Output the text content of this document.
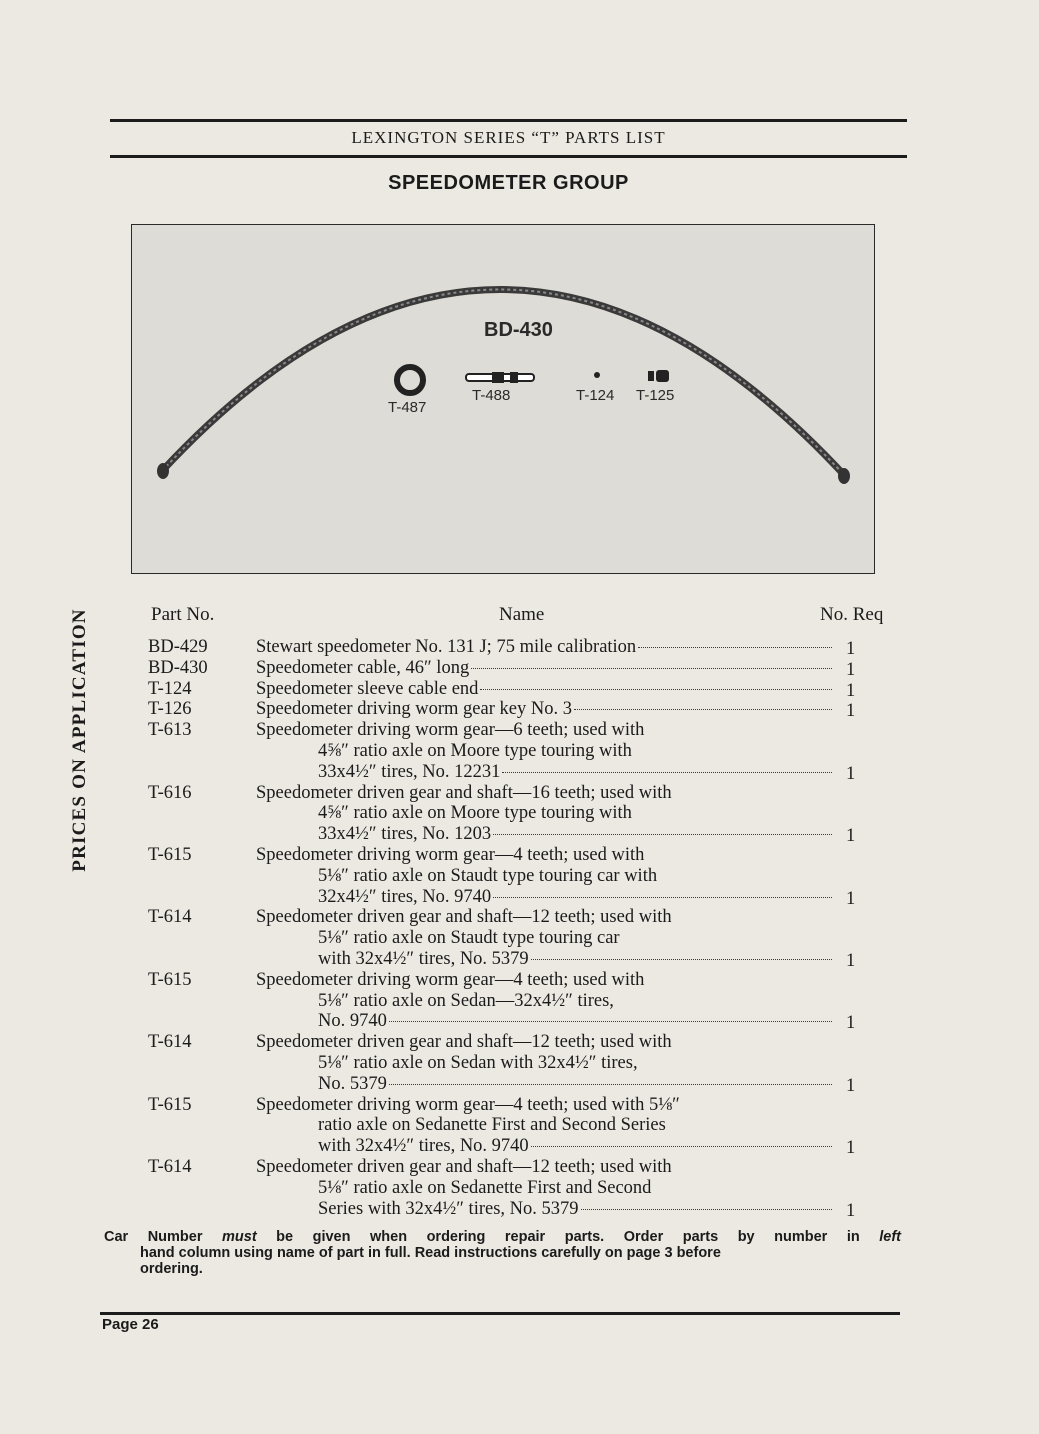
LEXINGTON SERIES “T” PARTS LIST
SPEEDOMETER GROUP
BD-430
T-487
T-488	T-124 T-125
PRICES ON APPLICATION	Part No.	Name	No. Req
BD-429	Stewart speedometer No. 131 J; 75 mile calibration	1
BD-430	Speedometer cable, 46″ long	1
T-124	Speedometer sleeve cable end	1
T-126	Speedometer driving worm gear key No. 3	1
T-613	Speedometer driving worm gear—6 teeth; used with
4⅝″ ratio axle on Moore type touring with
33x4½″ tires, No. 12231	1
T-616	Speedometer driven gear and shaft—16 teeth; used with
4⅝″ ratio axle on Moore type touring with
33x4½″ tires, No. 1203	1
T-615	Speedometer driving worm gear—4 teeth; used with
5⅛″ ratio axle on Staudt type touring car with
32x4½″ tires, No. 9740	1
T-614	Speedometer driven gear and shaft—12 teeth; used with
5⅛″ ratio axle on Staudt type touring car
with 32x4½″ tires, No. 5379	1
T-615	Speedometer driving worm gear—4 teeth; used with
5⅛″ ratio axle on Sedan—32x4½″ tires,
No. 9740	1
T-614	Speedometer driven gear and shaft—12 teeth; used with
5⅛″ ratio axle on Sedan with 32x4½″ tires,
No. 5379	1
T-615	Speedometer driving worm gear—4 teeth; used with 5⅛″
ratio axle on Sedanette First and Second Series
with 32x4½″ tires, No. 9740	1
T-614	Speedometer driven gear and shaft—12 teeth; used with
5⅛″ ratio axle on Sedanette First and Second
Series with 32x4½″ tires, No. 5379	1
Car Number must be given when ordering repair parts. Order parts by number in left
hand column using name of part in full. Read instructions carefully on page 3 before
ordering.
Page 26
